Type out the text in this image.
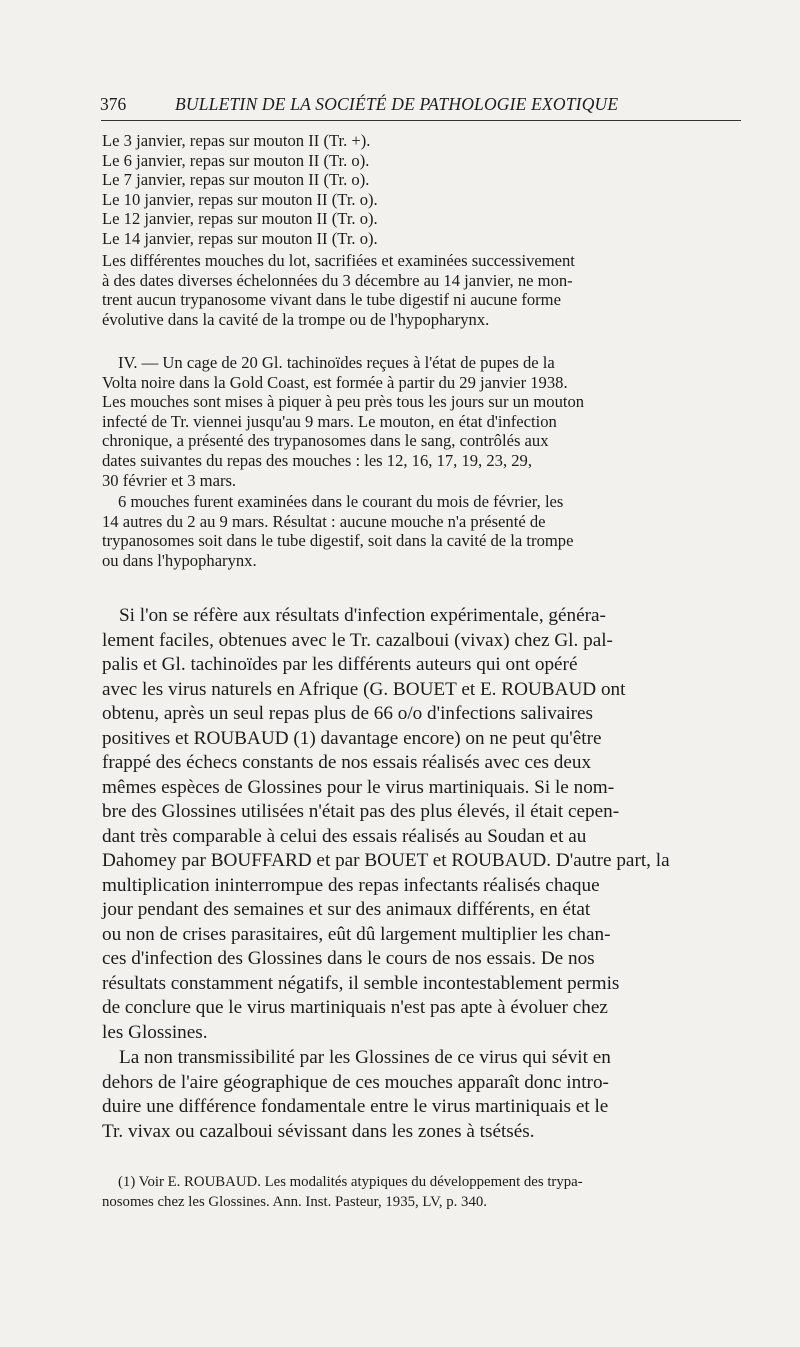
376	BULLETIN DE LA SOCIÉTÉ DE PATHOLOGIE EXOTIQUE
Le 3 janvier, repas sur mouton II (Tr. +).
Le 6 janvier, repas sur mouton II (Tr. o).
Le 7 janvier, repas sur mouton II (Tr. o).
Le 10 janvier, repas sur mouton II (Tr. o).
Le 12 janvier, repas sur mouton II (Tr. o).
Le 14 janvier, repas sur mouton II (Tr. o).
Les différentes mouches du lot, sacrifiées et examinées successivement
à des dates diverses échelonnées du 3 décembre au 14 janvier, ne mon-
trent aucun trypanosome vivant dans le tube digestif ni aucune forme
évolutive dans la cavité de la trompe ou de l'hypopharynx.
IV. — Un cage de 20 Gl. tachinoïdes reçues à l'état de pupes de la
Volta noire dans la Gold Coast, est formée à partir du 29 janvier 1938.
Les mouches sont mises à piquer à peu près tous les jours sur un mouton
infecté de Tr. viennei jusqu'au 9 mars. Le mouton, en état d'infection
chronique, a présenté des trypanosomes dans le sang, contrôlés aux
dates suivantes du repas des mouches : les 12, 16, 17, 19, 23, 29,
30 février et 3 mars.
6 mouches furent examinées dans le courant du mois de février, les
14 autres du 2 au 9 mars. Résultat : aucune mouche n'a présenté de
trypanosomes soit dans le tube digestif, soit dans la cavité de la trompe
ou dans l'hypopharynx.
Si l'on se réfère aux résultats d'infection expérimentale, généra-
lement faciles, obtenues avec le Tr. cazalboui (vivax) chez Gl. pal-
palis et Gl. tachinoïdes par les différents auteurs qui ont opéré
avec les virus naturels en Afrique (G. BOUET et E. ROUBAUD ont
obtenu, après un seul repas plus de 66 o/o d'infections salivaires
positives et ROUBAUD (1) davantage encore) on ne peut qu'être
frappé des échecs constants de nos essais réalisés avec ces deux
mêmes espèces de Glossines pour le virus martiniquais. Si le nom-
bre des Glossines utilisées n'était pas des plus élevés, il était cepen-
dant très comparable à celui des essais réalisés au Soudan et au
Dahomey par BOUFFARD et par BOUET et ROUBAUD. D'autre part, la
multiplication ininterrompue des repas infectants réalisés chaque
jour pendant des semaines et sur des animaux différents, en état
ou non de crises parasitaires, eût dû largement multiplier les chan-
ces d'infection des Glossines dans le cours de nos essais. De nos
résultats constamment négatifs, il semble incontestablement permis
de conclure que le virus martiniquais n'est pas apte à évoluer chez
les Glossines.
La non transmissibilité par les Glossines de ce virus qui sévit en
dehors de l'aire géographique de ces mouches apparaît donc intro-
duire une différence fondamentale entre le virus martiniquais et le
Tr. vivax ou cazalboui sévissant dans les zones à tsétsés.
(1) Voir E. ROUBAUD. Les modalités atypiques du développement des trypa-
nosomes chez les Glossines. Ann. Inst. Pasteur, 1935, LV, p. 340.
